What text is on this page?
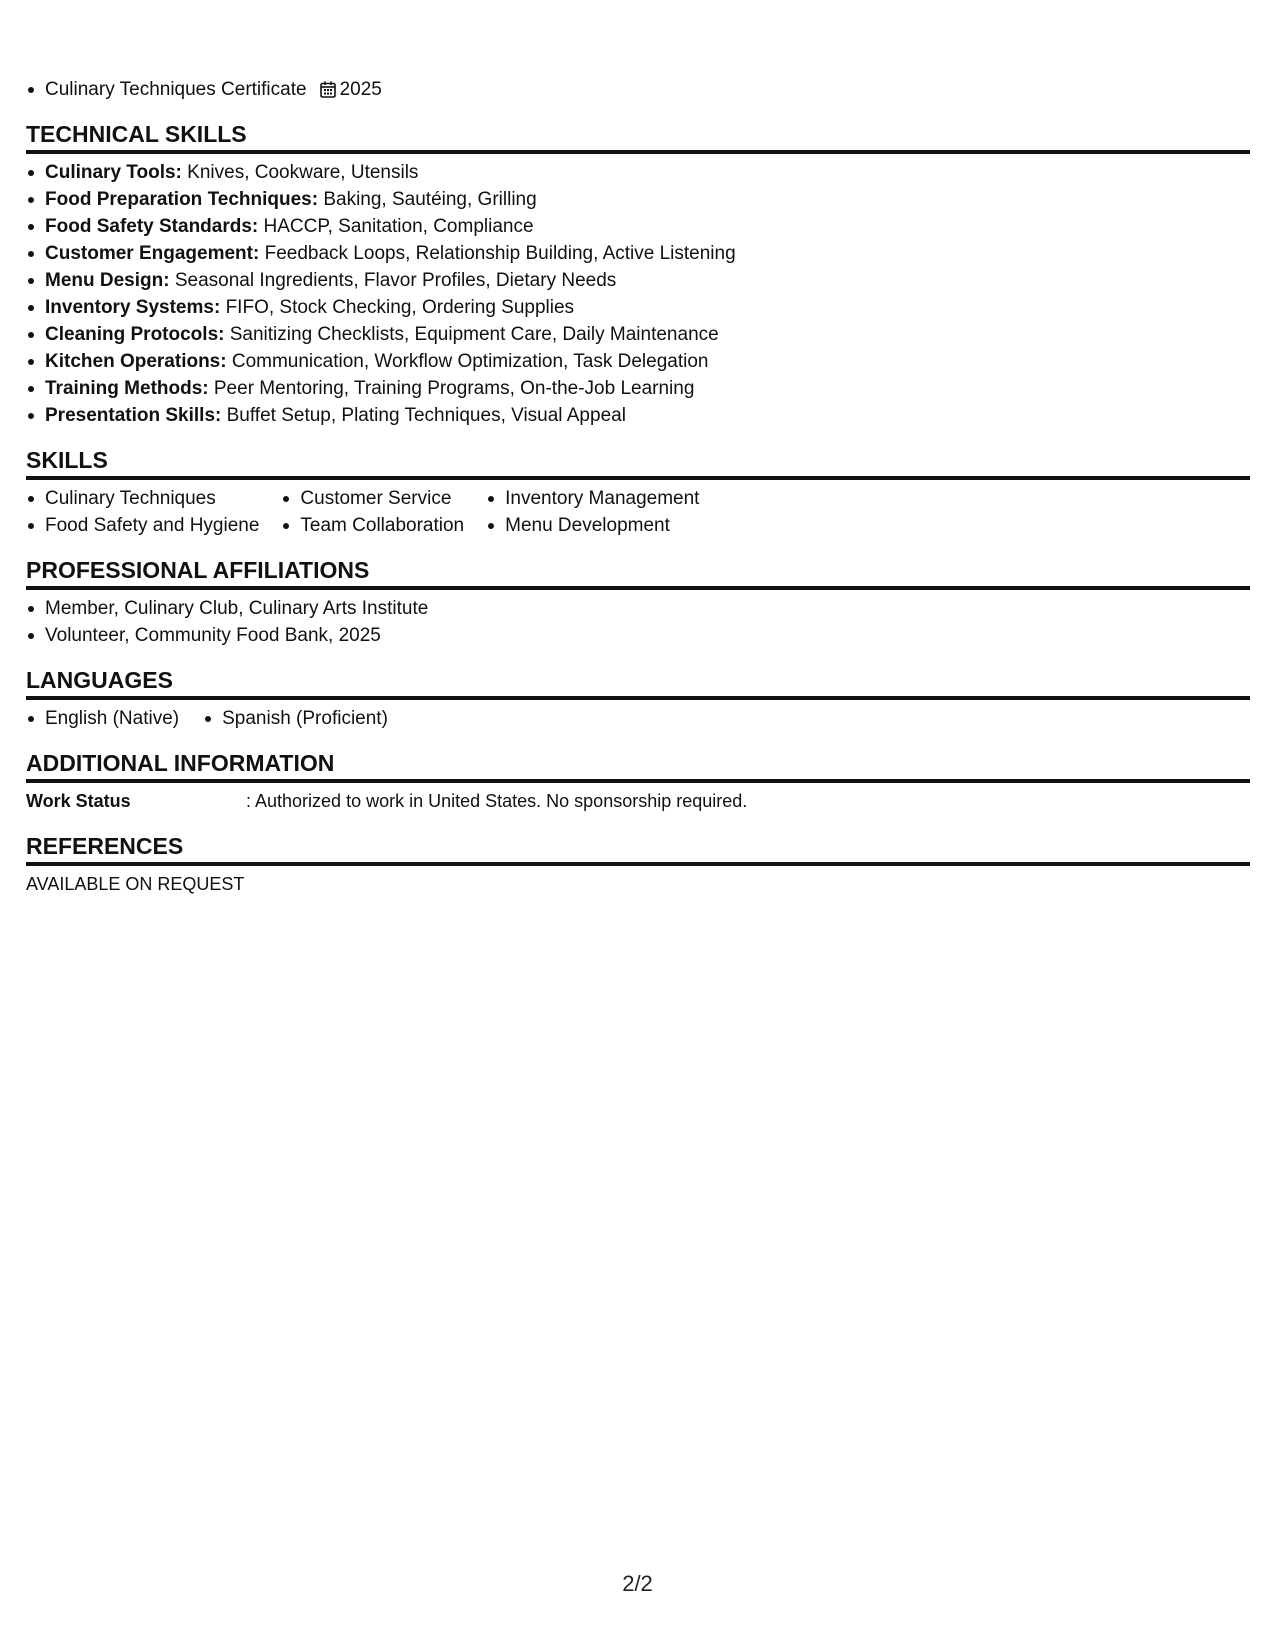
Culinary Techniques Certificate 2025
TECHNICAL SKILLS
Culinary Tools: Knives, Cookware, Utensils
Food Preparation Techniques: Baking, Sautéing, Grilling
Food Safety Standards: HACCP, Sanitation, Compliance
Customer Engagement: Feedback Loops, Relationship Building, Active Listening
Menu Design: Seasonal Ingredients, Flavor Profiles, Dietary Needs
Inventory Systems: FIFO, Stock Checking, Ordering Supplies
Cleaning Protocols: Sanitizing Checklists, Equipment Care, Daily Maintenance
Kitchen Operations: Communication, Workflow Optimization, Task Delegation
Training Methods: Peer Mentoring, Training Programs, On-the-Job Learning
Presentation Skills: Buffet Setup, Plating Techniques, Visual Appeal
SKILLS
Culinary Techniques
Food Safety and Hygiene
Customer Service
Team Collaboration
Inventory Management
Menu Development
PROFESSIONAL AFFILIATIONS
Member, Culinary Club, Culinary Arts Institute
Volunteer, Community Food Bank, 2025
LANGUAGES
English (Native)	Spanish (Proficient)
ADDITIONAL INFORMATION
Work Status	: Authorized to work in United States. No sponsorship required.
REFERENCES
AVAILABLE ON REQUEST
2/2
